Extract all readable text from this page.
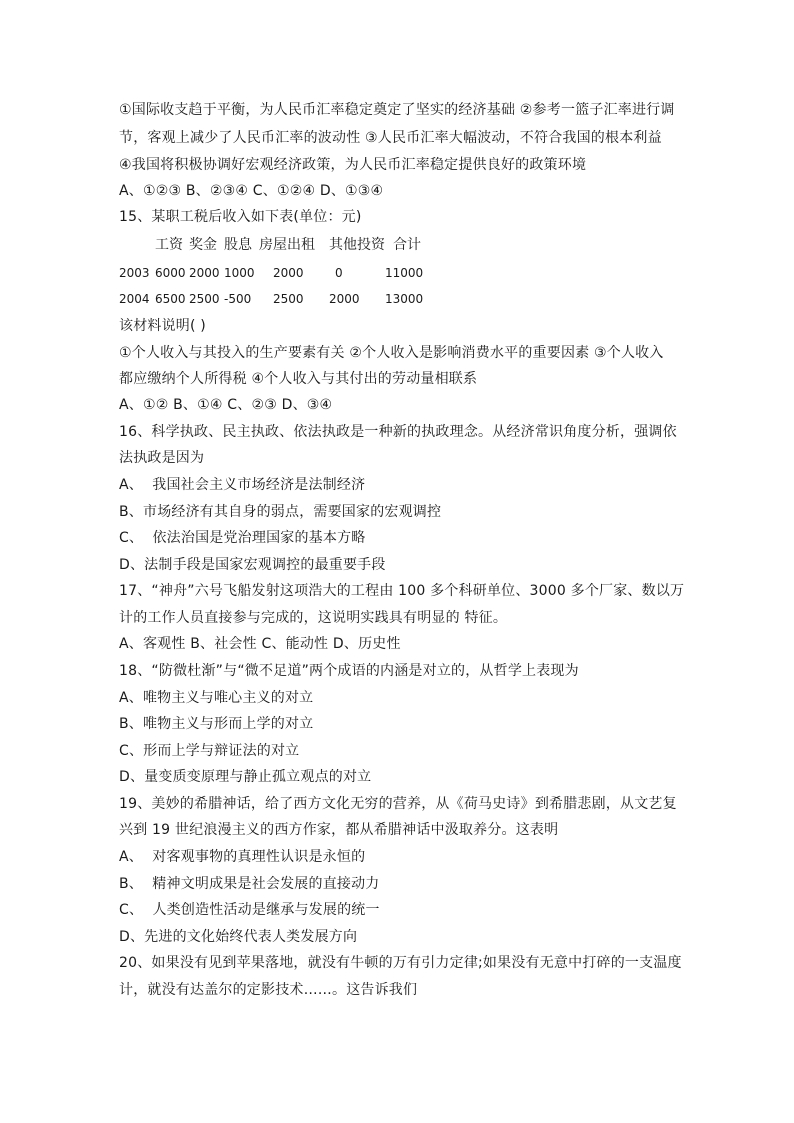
①国际收支趋于平衡，为人民币汇率稳定奠定了坚实的经济基础 ②参考一篮子汇率进行调
节，客观上减少了人民币汇率的波动性 ③人民币汇率大幅波动，不符合我国的根本利益
④我国将积极协调好宏观经济政策，为人民币汇率稳定提供良好的政策环境
A、①②③ B、②③④ C、①②④ D、①③④
15、某职工税后收入如下表(单位：元)
工资 奖金 股息 房屋出租 其他投资 合计
2003 6000 2000 1000 2000	0	11000
2004 6500 2500 -500 2500 2000 13000
该材料说明( )
①个人收入与其投入的生产要素有关 ②个人收入是影响消费水平的重要因素 ③个人收入
都应缴纳个人所得税 ④个人收入与其付出的劳动量相联系
A、①② B、①④ C、②③ D、③④
16、科学执政、民主执政、依法执政是一种新的执政理念。从经济常识角度分析，强调依
法执政是因为
A、  我国社会主义市场经济是法制经济
B、市场经济有其自身的弱点，需要国家的宏观调控
C、  依法治国是党治理国家的基本方略
D、法制手段是国家宏观调控的最重要手段
17、“神舟”六号飞船发射这项浩大的工程由 100 多个科研单位、3000 多个厂家、数以万
计的工作人员直接参与完成的，这说明实践具有明显的 特征。
A、客观性 B、社会性 C、能动性 D、历史性
18、“防微杜渐”与“微不足道”两个成语的内涵是对立的，从哲学上表现为
A、唯物主义与唯心主义的对立
B、唯物主义与形而上学的对立
C、形而上学与辩证法的对立
D、量变质变原理与静止孤立观点的对立
19、美妙的希腊神话，给了西方文化无穷的营养，从《荷马史诗》到希腊悲剧，从文艺复
兴到 19 世纪浪漫主义的西方作家，都从希腊神话中汲取养分。这表明
A、  对客观事物的真理性认识是永恒的
B、  精神文明成果是社会发展的直接动力
C、  人类创造性活动是继承与发展的统一
D、先进的文化始终代表人类发展方向
20、如果没有见到苹果落地，就没有牛顿的万有引力定律;如果没有无意中打碎的一支温度
计，就没有达盖尔的定影技术……。这告诉我们
